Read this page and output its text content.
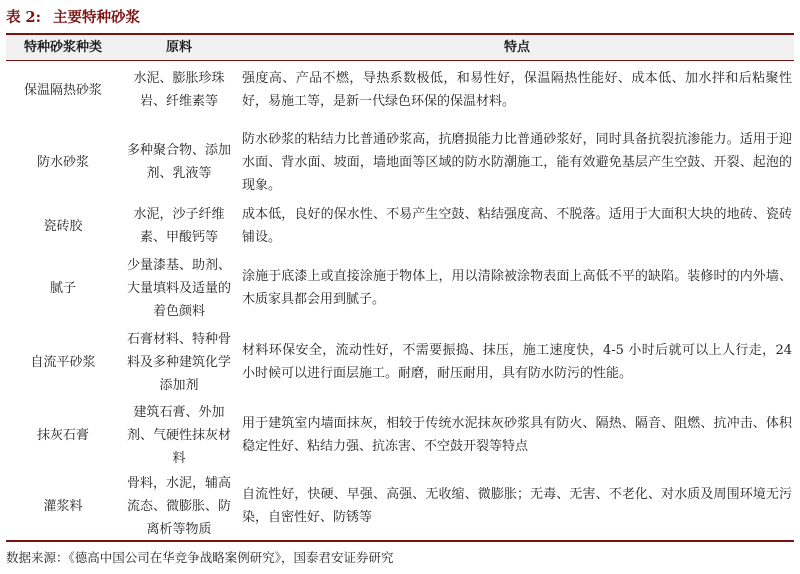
表 2: 主要特种砂浆
特种砂浆种类	原料	特点
保温隔热砂浆
水泥、膨胀珍珠岩、纤维素等
强度高、产品不燃，导热系数极低，和易性好，保温隔热性能好、成本低、加水拌和后粘聚性好，易施工等，是新一代绿色环保的保温材料。
防水砂浆
多种聚合物、添加剂、乳液等
防水砂浆的粘结力比普通砂浆高，抗磨损能力比普通砂浆好，同时具备抗裂抗渗能力。适用于迎水面、背水面、坡面，墙地面等区域的防水防潮施工，能有效避免基层产生空鼓、开裂、起泡的现象。
瓷砖胶
水泥，沙子纤维素、甲酸钙等
成本低，良好的保水性、不易产生空鼓、粘结强度高、不脱落。适用于大面积大块的地砖、瓷砖铺设。
腻子
少量漆基、助剂、大量填料及适量的着色颜料
涂施于底漆上或直接涂施于物体上，用以清除被涂物表面上高低不平的缺陷。装修时的内外墙、木质家具都会用到腻子。
自流平砂浆
石膏材料、特种骨料及多种建筑化学添加剂
材料环保安全，流动性好，不需要振捣、抹压，施工速度快，4-5 小时后就可以上人行走，24 小时候可以进行面层施工。耐磨，耐压耐用，具有防水防污的性能。
抹灰石膏
建筑石膏、外加剂、气硬性抹灰材料
用于建筑室内墙面抹灰，相较于传统水泥抹灰砂浆具有防火、隔热、隔音、阻燃、抗冲击、体积稳定性好、粘结力强、抗冻害、不空鼓开裂等特点
灌浆料
骨料，水泥，辅高流态、微膨胀、防离析等物质
自流性好，快硬、早强、高强、无收缩、微膨胀；无毒、无害、不老化、对水质及周围环境无污染，自密性好、防锈等
数据来源：《德高中国公司在华竞争战略案例研究》，国泰君安证券研究
